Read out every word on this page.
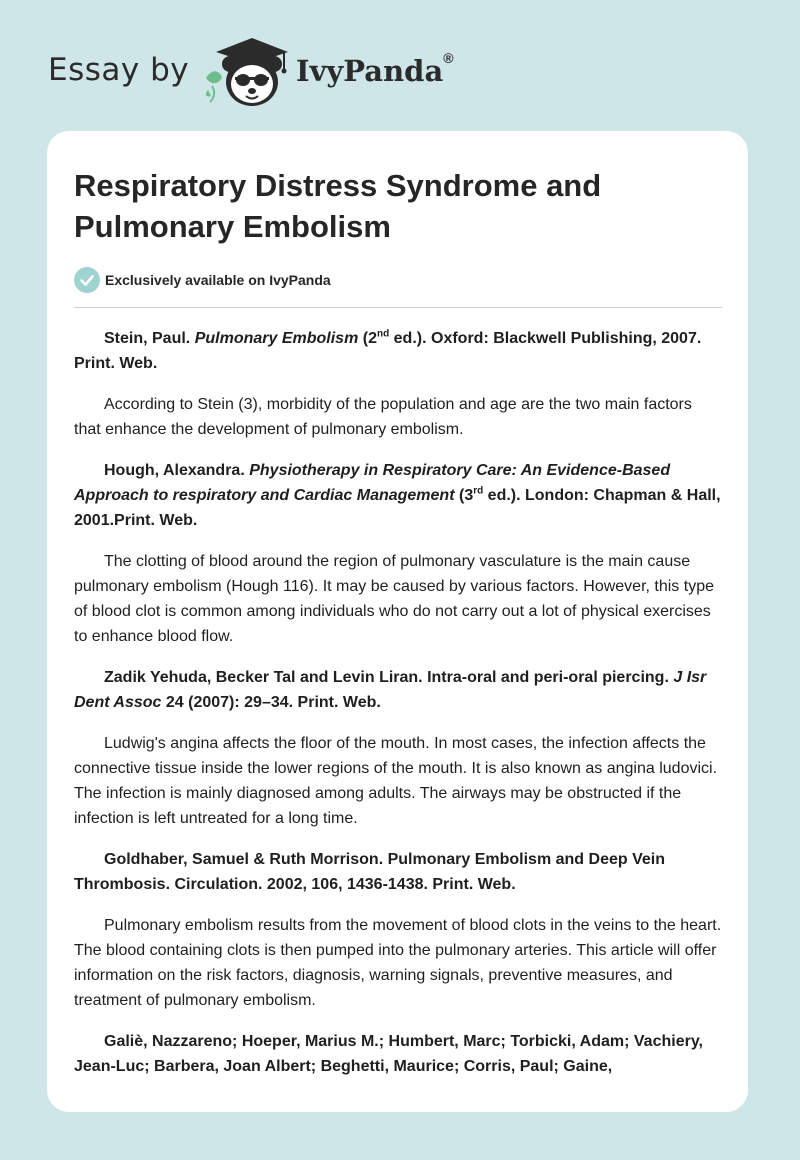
Essay by	IvyPanda®
Respiratory Distress Syndrome and Pulmonary Embolism
Exclusively available on IvyPanda

Stein, Paul. Pulmonary Embolism (2nd ed.). Oxford: Blackwell Publishing, 2007. Print. Web.

According to Stein (3), morbidity of the population and age are the two main factors that enhance the development of pulmonary embolism.

Hough, Alexandra. Physiotherapy in Respiratory Care: An Evidence-Based Approach to respiratory and Cardiac Management (3rd ed.). London: Chapman & Hall, 2001.Print. Web.

The clotting of blood around the region of pulmonary vasculature is the main cause pulmonary embolism (Hough 116). It may be caused by various factors. However, this type of blood clot is common among individuals who do not carry out a lot of physical exercises to enhance blood flow.

Zadik Yehuda, Becker Tal and Levin Liran. Intra-oral and peri-oral piercing. J Isr Dent Assoc 24 (2007): 29–34. Print. Web.

Ludwig's angina affects the floor of the mouth. In most cases, the infection affects the connective tissue inside the lower regions of the mouth. It is also known as angina ludovici. The infection is mainly diagnosed among adults. The airways may be obstructed if the infection is left untreated for a long time.

Goldhaber, Samuel & Ruth Morrison. Pulmonary Embolism and Deep Vein Thrombosis. Circulation. 2002, 106, 1436-1438. Print. Web.

Pulmonary embolism results from the movement of blood clots in the veins to the heart. The blood containing clots is then pumped into the pulmonary arteries. This article will offer information on the risk factors, diagnosis, warning signals, preventive measures, and treatment of pulmonary embolism.

Galiè, Nazzareno; Hoeper, Marius M.; Humbert, Marc; Torbicki, Adam; Vachiery, Jean-Luc; Barbera, Joan Albert; Beghetti, Maurice; Corris, Paul; Gaine,
